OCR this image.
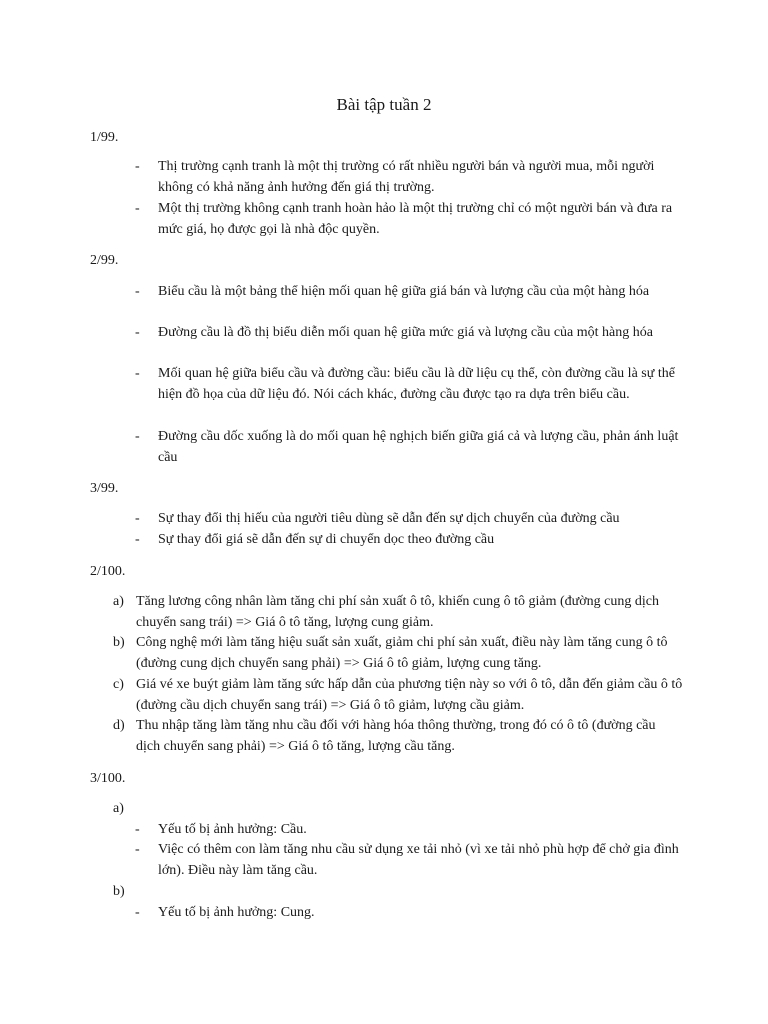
Bài tập tuần 2
1/99.
- Thị trường cạnh tranh là một thị trường có rất nhiều người bán và người mua, mỗi người không có khả năng ảnh hưởng đến giá thị trường.
- Một thị trường không cạnh tranh hoàn hảo là một thị trường chỉ có một người bán và đưa ra mức giá, họ được gọi là nhà độc quyền.
2/99.
- Biểu cầu là một bảng thể hiện mối quan hệ giữa giá bán và lượng cầu của một hàng hóa
- Đường cầu là đồ thị biểu diễn mối quan hệ giữa mức giá và lượng cầu của một hàng hóa
- Mối quan hệ giữa biểu cầu và đường cầu: biểu cầu là dữ liệu cụ thể, còn đường cầu là sự thể hiện đồ họa của dữ liệu đó. Nói cách khác, đường cầu được tạo ra dựa trên biểu cầu.
- Đường cầu dốc xuống là do mối quan hệ nghịch biến giữa giá cả và lượng cầu, phản ánh luật cầu
3/99.
- Sự thay đổi thị hiếu của người tiêu dùng sẽ dẫn đến sự dịch chuyển của đường cầu
- Sự thay đổi giá sẽ dẫn đến sự di chuyển dọc theo đường cầu
2/100.
a) Tăng lương công nhân làm tăng chi phí sản xuất ô tô, khiến cung ô tô giảm (đường cung dịch chuyển sang trái) => Giá ô tô tăng, lượng cung giảm.
b) Công nghệ mới làm tăng hiệu suất sản xuất, giảm chi phí sản xuất, điều này làm tăng cung ô tô (đường cung dịch chuyển sang phải) => Giá ô tô giảm, lượng cung tăng.
c) Giá vé xe buýt giảm làm tăng sức hấp dẫn của phương tiện này so với ô tô, dẫn đến giảm cầu ô tô (đường cầu dịch chuyển sang trái) => Giá ô tô giảm, lượng cầu giảm.
d) Thu nhập tăng làm tăng nhu cầu đối với hàng hóa thông thường, trong đó có ô tô (đường cầu dịch chuyển sang phải) => Giá ô tô tăng, lượng cầu tăng.
3/100.
a)
- Yếu tố bị ảnh hưởng: Cầu.
- Việc có thêm con làm tăng nhu cầu sử dụng xe tải nhỏ (vì xe tải nhỏ phù hợp để chở gia đình lớn). Điều này làm tăng cầu.
b)
- Yếu tố bị ảnh hưởng: Cung.
